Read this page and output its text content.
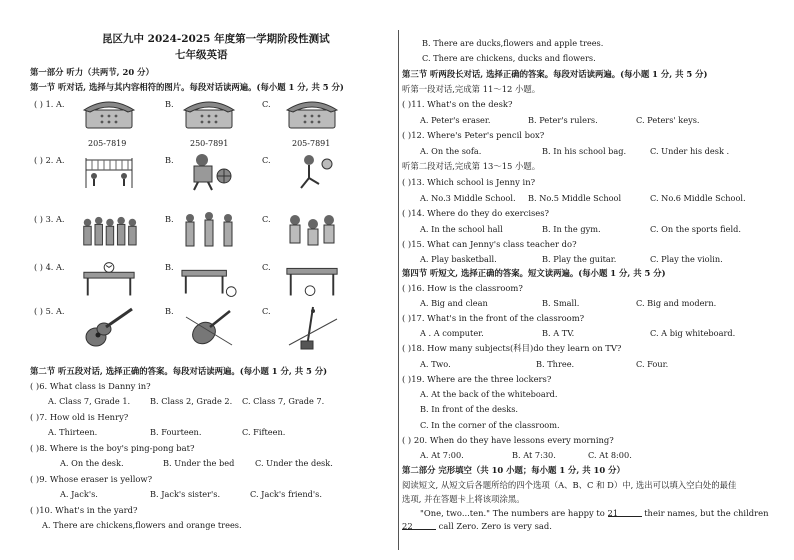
昆区九中 2024-2025 年度第一学期阶段性测试
七年级英语
第一部分 听力（共两节, 20 分）
第一节 听对话, 选择与其内容相符的图片。每段对话读两遍。(每小题 1 分, 共 5 分)
( ) 1. A.	B.	C.
205-7819	250-7891	205-7891
( ) 2. A.	B.	C.
( ) 3. A.	B.	C.
( ) 4. A.	B.	C.
( ) 5. A.	B.	C.
第二节 听五段对话, 选择正确的答案。每段对话读两遍。(每小题 1 分, 共 5 分)
( )6. What class is Danny in?
A. Class 7, Grade 1. B. Class 2, Grade 2. C. Class 7, Grade 7.
( )7. How old is Henry?
A. Thirteen.	B. Fourteen.	C. Fifteen.
( )8. Where is the boy's ping-pong bat?
A. On the desk.	B. Under the bed	C. Under the desk.
( )9. Whose eraser is yellow?
A. Jack's.	B. Jack's sister's.	C. Jack's friend's.
( )10. What's in the yard?
A. There are chickens,flowers and orange trees.
B. There are ducks,flowers and apple trees.
C. There are chickens, ducks and flowers.
第三节 听两段长对话, 选择正确的答案。每段对话读两遍。(每小题 1 分, 共 5 分)
听第一段对话,完成第 11～12 小题。
( )11. What's on the desk?
A. Peter's eraser.	B. Peter's rulers.	C. Peters' keys.
( )12. Where's Peter's pencil box?
A. On the sofa.	B. In his school bag.	C. Under his desk .
听第二段对话,完成第 13～15 小题。
( )13. Which school is Jenny in?
A. No.3 Middle School. B. No.5 Middle School	C. No.6 Middle School.
( )14. Where do they do exercises?
A. In the school hall	B. In the gym.	C. On the sports field.
( )15. What can Jenny's class teacher do?
A. Play basketball.	B. Play the guitar.	C. Play the violin.
第四节 听短文, 选择正确的答案。短文读两遍。(每小题 1 分, 共 5 分)
( )16. How is the classroom?
A. Big and clean	B. Small.	C. Big and modern.
( )17. What's in the front of the classroom?
A . A computer.	B. A TV.	C. A big whiteboard.
( )18. How many subjects(科目)do they learn on TV?
A. Two.	B. Three.	C. Four.
( )19. Where are the three lockers?
A. At the back of the whiteboard.
B. In front of the desks.
C. In the corner of the classroom.
( ) 20. When do they have lessons every morning?
A. At 7:00.	B. At 7:30.	C. At 8:00.
第二部分 完形填空（共 10 小题；每小题 1 分, 共 10 分）
阅读短文, 从短文后各题所给的四个选项（A、B、C 和 D）中, 选出可以填入空白处的最佳
选项, 并在答题卡上将该项涂黑。
"One, two...ten." The numbers are happy to 21	their names, but the children
22	call Zero. Zero is very sad.
